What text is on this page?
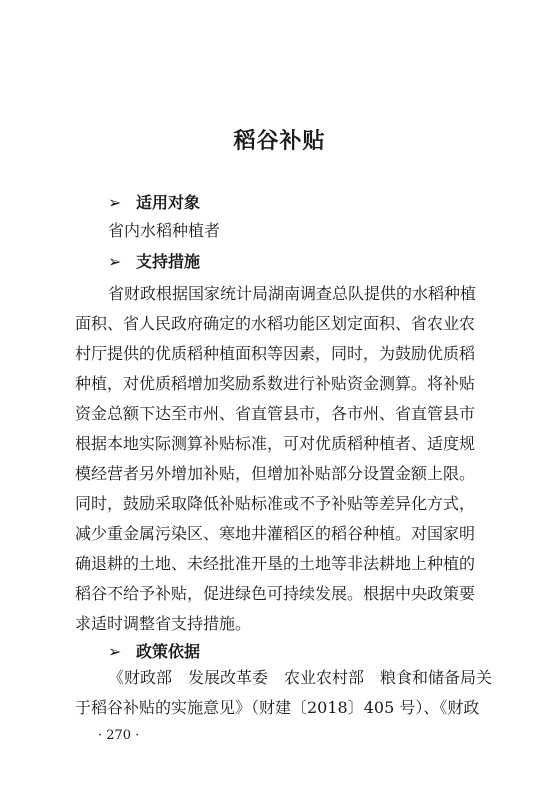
稻谷补贴
➢ 适用对象
省内水稻种植者
➢ 支持措施
省财政根据国家统计局湖南调查总队提供的水稻种植
面积、省人民政府确定的水稻功能区划定面积、省农业农
村厅提供的优质稻种植面积等因素，同时，为鼓励优质稻
种植，对优质稻增加奖励系数进行补贴资金测算。将补贴
资金总额下达至市州、省直管县市，各市州、省直管县市
根据本地实际测算补贴标准，可对优质稻种植者、适度规
模经营者另外增加补贴，但增加补贴部分设置金额上限。
同时，鼓励采取降低补贴标准或不予补贴等差异化方式，
减少重金属污染区、寒地井灌稻区的稻谷种植。对国家明
确退耕的土地、未经批准开垦的土地等非法耕地上种植的
稻谷不给予补贴，促进绿色可持续发展。根据中央政策要
求适时调整省支持措施。
➢ 政策依据
《财政部　发展改革委　农业农村部　粮食和储备局关
于稻谷补贴的实施意见》（财建〔2018〕405 号）、《财政
· 270 ·
